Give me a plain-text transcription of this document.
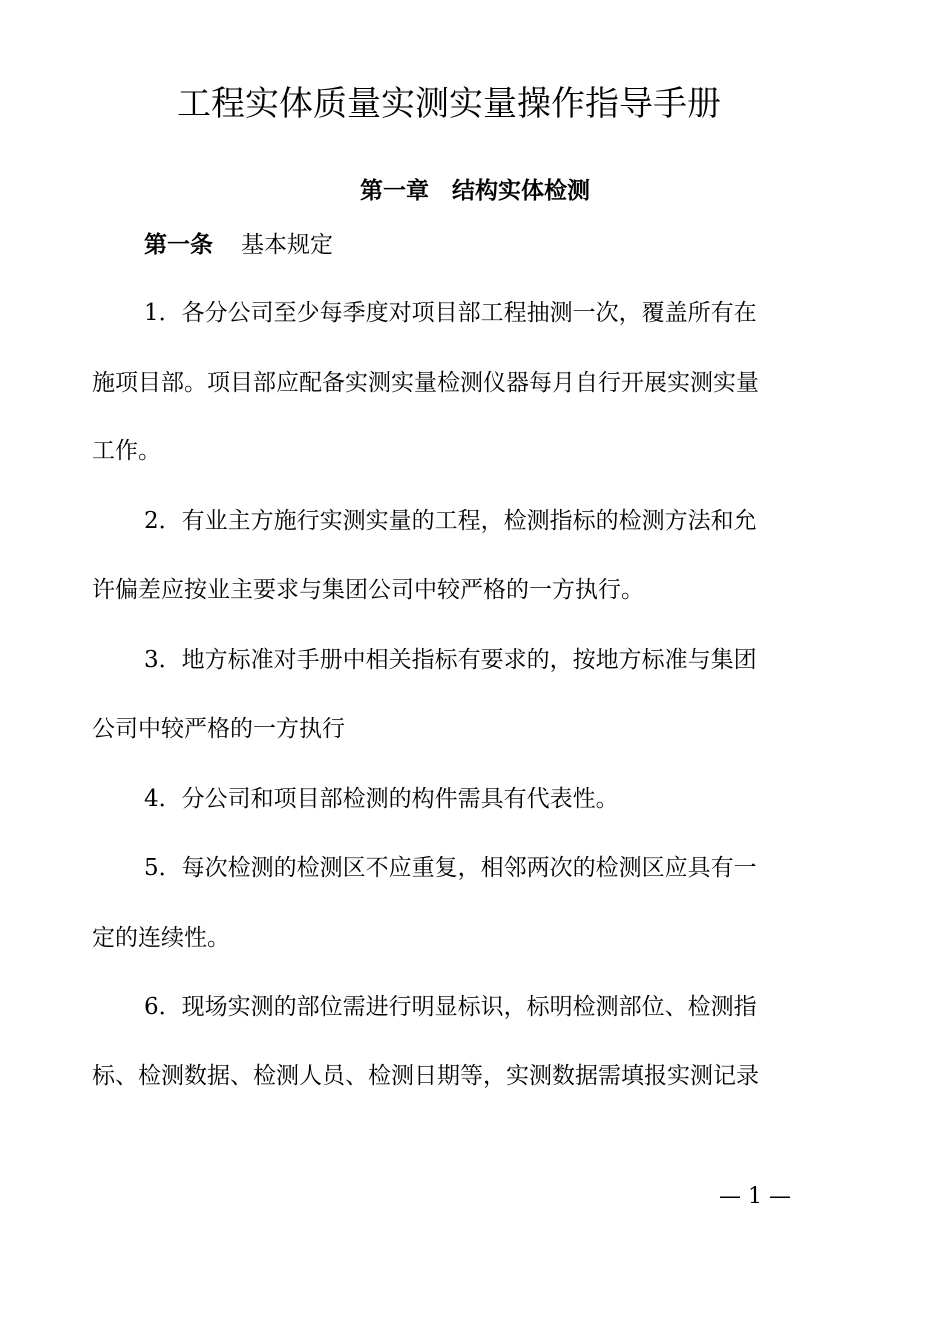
工程实体质量实测实量操作指导手册
第一章　结构实体检测
第一条 基本规定
1．各分公司至少每季度对项目部工程抽测一次，覆盖所有在
施项目部。项目部应配备实测实量检测仪器每月自行开展实测实量
工作。
2．有业主方施行实测实量的工程，检测指标的检测方法和允
许偏差应按业主要求与集团公司中较严格的一方执行。
3．地方标准对手册中相关指标有要求的，按地方标准与集团
公司中较严格的一方执行
4．分公司和项目部检测的构件需具有代表性。
5．每次检测的检测区不应重复，相邻两次的检测区应具有一
定的连续性。
6．现场实测的部位需进行明显标识，标明检测部位、检测指
标、检测数据、检测人员、检测日期等，实测数据需填报实测记录
— 1 —
